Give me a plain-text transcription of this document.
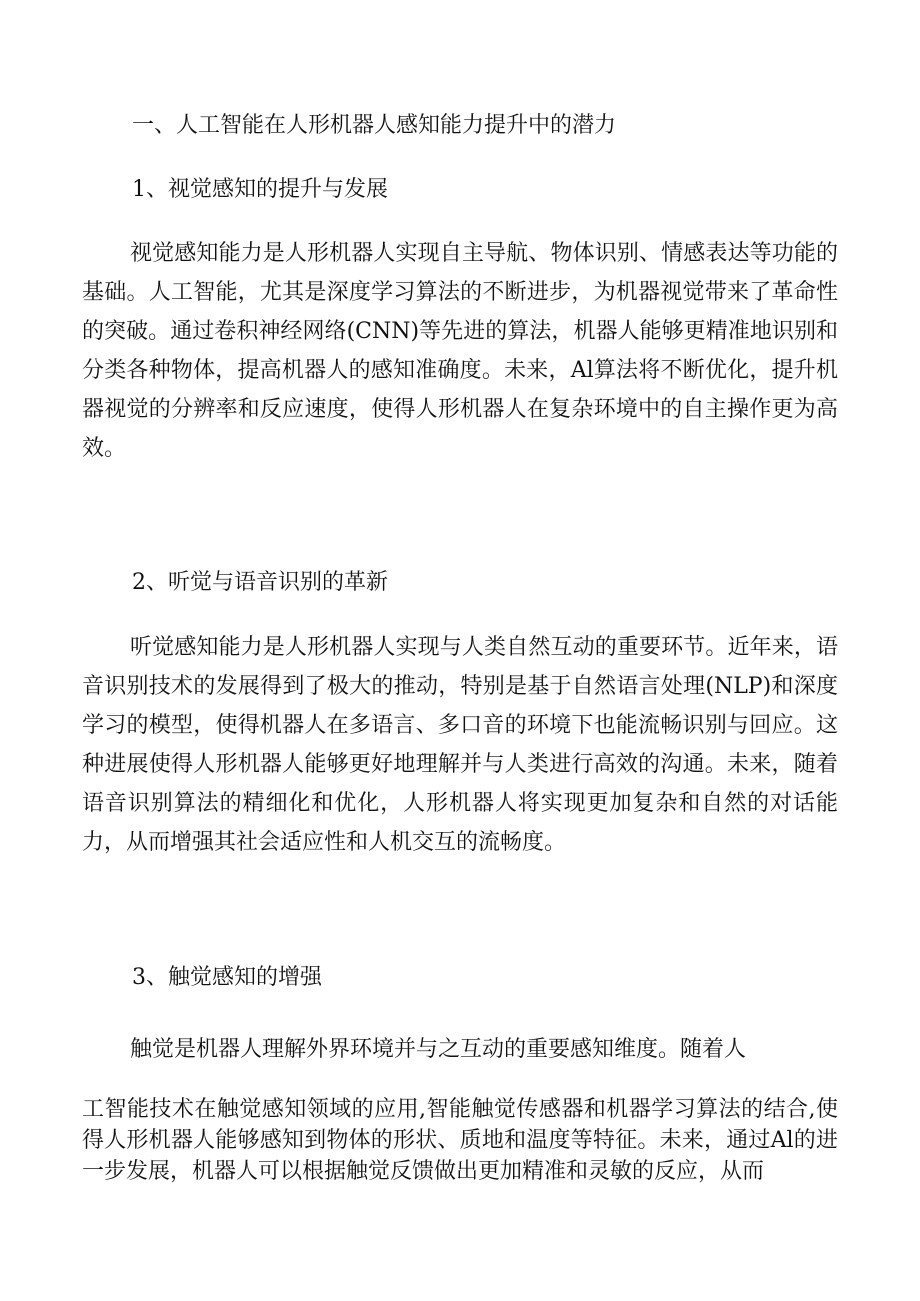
一、人工智能在人形机器人感知能力提升中的潜力
1、视觉感知的提升与发展

视觉感知能力是人形机器人实现自主导航、物体识别、情感表达等功能的基础。人工智能，尤其是深度学习算法的不断进步，为机器视觉带来了革命性的突破。通过卷积神经网络(CNN)等先进的算法，机器人能够更精准地识别和分类各种物体，提高机器人的感知准确度。未来，Al算法将不断优化，提升机器视觉的分辨率和反应速度，使得人形机器人在复杂环境中的自主操作更为高效。

2、听觉与语音识别的革新

听觉感知能力是人形机器人实现与人类自然互动的重要环节。近年来，语音识别技术的发展得到了极大的推动，特别是基于自然语言处理(NLP)和深度学习的模型，使得机器人在多语言、多口音的环境下也能流畅识别与回应。这种进展使得人形机器人能够更好地理解并与人类进行高效的沟通。未来，随着语音识别算法的精细化和优化，人形机器人将实现更加复杂和自然的对话能力，从而增强其社会适应性和人机交互的流畅度。

3、触觉感知的增强

触觉是机器人理解外界环境并与之互动的重要感知维度。随着人

工智能技术在触觉感知领域的应用,智能触觉传感器和机器学习算法的结合,使得人形机器人能够感知到物体的形状、质地和温度等特征。未来，通过Al的进一步发展，机器人可以根据触觉反馈做出更加精准和灵敏的反应，从而
